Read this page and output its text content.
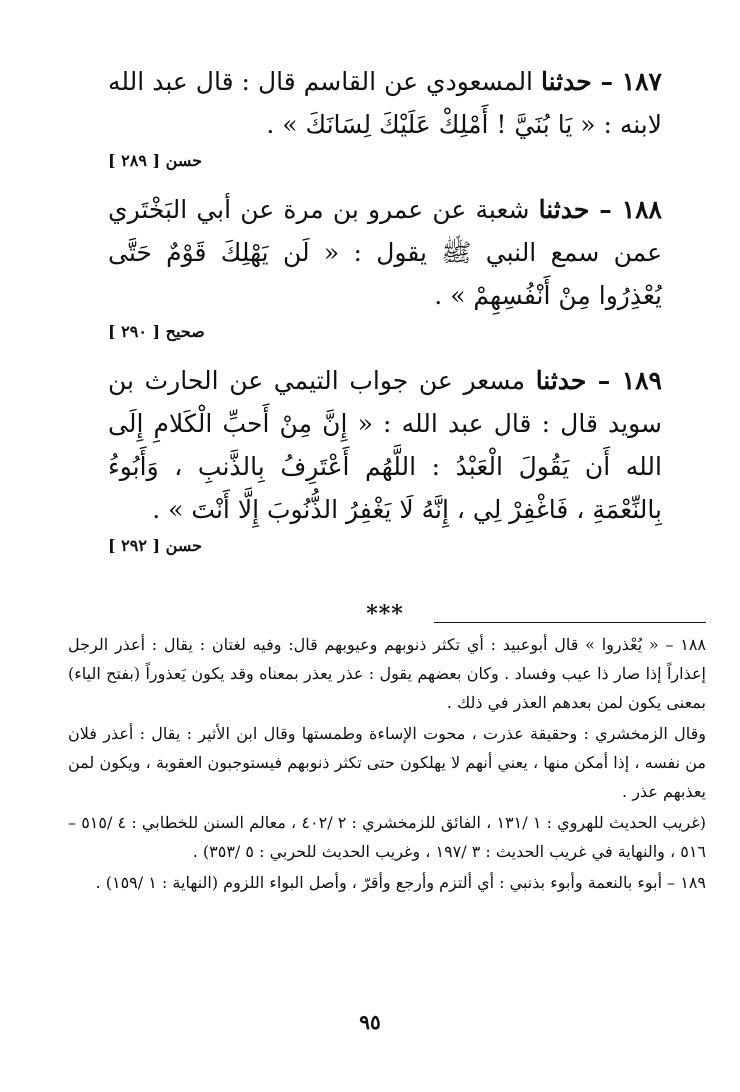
١٨٧ – حدثنا المسعودي عن القاسم قال : قال عبد الله لابنه : « يَا بُنَيَّ ! أَمْلِكْ عَلَيْكَ لِسَانَكَ » .

حسن [ ٢٨٩ ]

١٨٨ – حدثنا شعبة عن عمرو بن مرة عن أبي البَخْتَري عمن سمع النبي ﷺ يقول : « لَن يَهْلِكَ قَوْمٌ حَتَّى يُعْذِرُوا مِنْ أَنْفُسِهِمْ » .

صحيح [ ٢٩٠ ]

١٨٩ – حدثنا مسعر عن جواب التيمي عن الحارث بن سويد قال : قال عبد الله : « إِنَّ مِنْ أَحبِّ الْكَلامِ إِلَى الله أَن يَقُولَ الْعَبْدُ : اللَّهُم أَعْتَرِفُ بِالذَّنبِ ، وَأَبُوءُ بِالنِّعْمَةِ ، فَاغْفِرْ لِي ، إِنَّهُ لَا يَغْفِرُ الذُّنُوبَ إِلَّا أَنْتَ » .

حسن [ ٢٩٢ ]
***

١٨٨ – « يُعْذروا » قال أبوعبيد : أي تكثر ذنوبهم وعيوبهم قال: وفيه لغتان : يقال : أعذر الرجل إعذاراً إذا صار ذا عيب وفساد . وكان بعضهم يقول : عذر يعذر بمعناه وقد يكون يَعذوراً (بفتح الياء) بمعنى يكون لمن بعدهم العذر في ذلك .

وقال الزمخشري : وحقيقة عذرت ، محوت الإساءة وطمستها وقال ابن الأثير : يقال : أعذر فلان من نفسه ، إذا أمكن منها ، يعني أنهم لا يهلكون حتى تكثر ذنوبهم فيستوجبون العقوبة ، ويكون لمن يعذبهم عذر .

(غريب الحديث للهروي : ١ /١٣١ ، الفائق للزمخشري : ٢ /٤٠٢ ، معالم السنن للخطابي : ٤ /٥١٥ –٥١٦ ، والنهاية في غريب الحديث : ٣ /١٩٧ ، وغريب الحديث للحربي : ٥ /٣٥٣) .

١٨٩ – أبوء بالنعمة وأبوء بذنبي : أي ألتزم وأرجع وأقرّ ، وأصل البواء اللزوم (النهاية : ١ /١٥٩) .

٩٥
